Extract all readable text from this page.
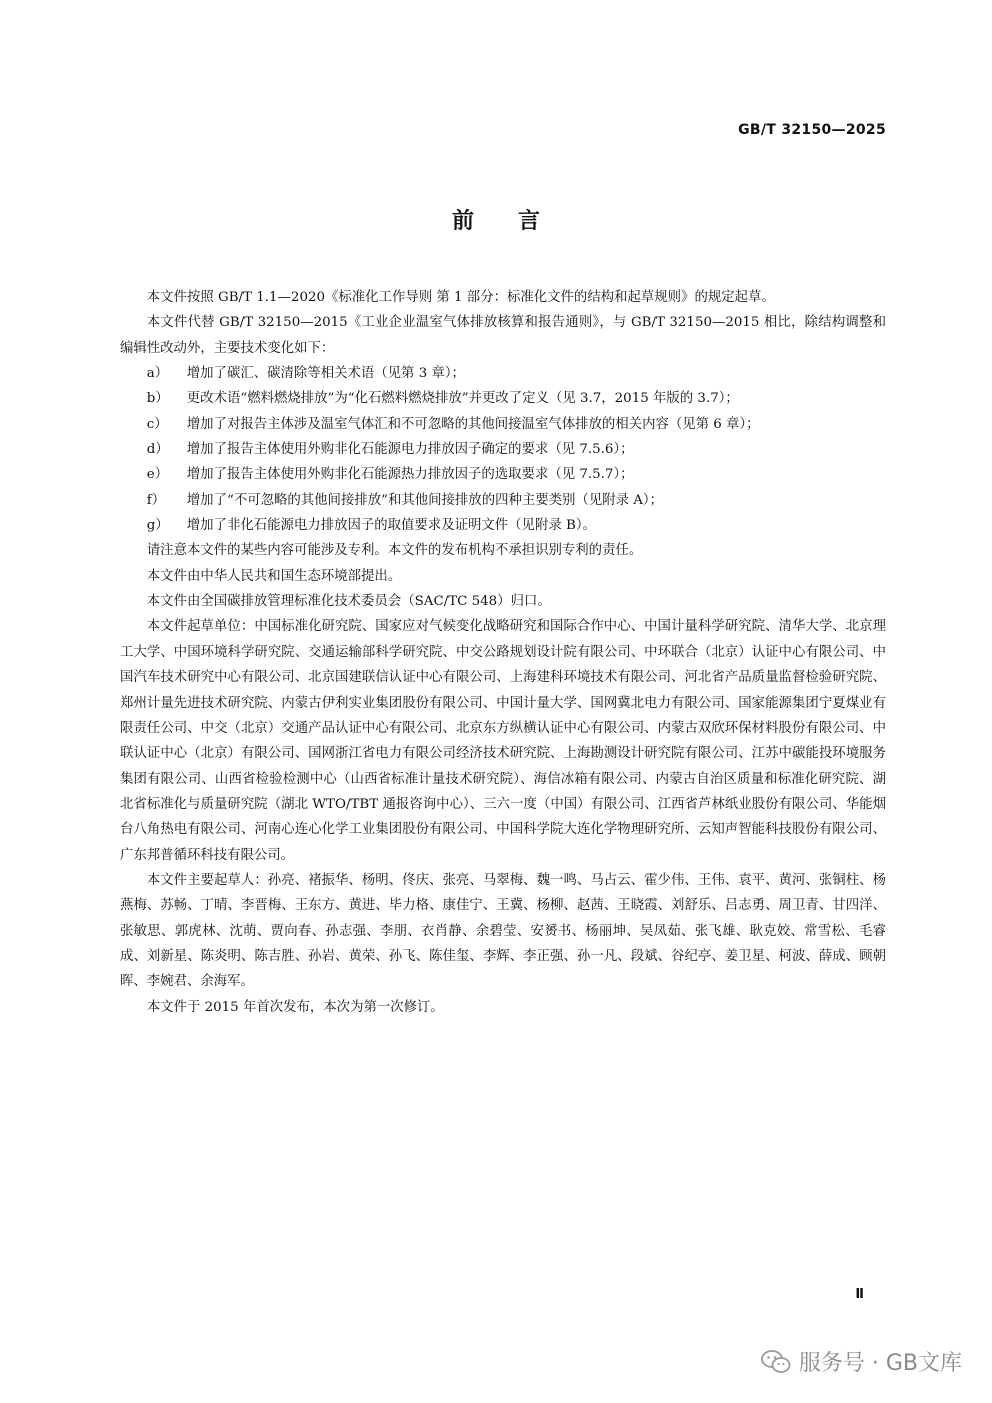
GB/T 32150—2025
前 言

本文件按照 GB/T 1.1—2020《标准化工作导则 第 1 部分：标准化文件的结构和起草规则》的规定起草。

本文件代替 GB/T 32150—2015《工业企业温室气体排放核算和报告通则》，与 GB/T 32150—2015 相比，除结构调整和编辑性改动外，主要技术变化如下：

a） 增加了碳汇、碳清除等相关术语（见第 3 章）；
b） 更改术语“燃料燃烧排放”为“化石燃料燃烧排放”并更改了定义（见 3.7，2015 年版的 3.7）；
c） 增加了对报告主体涉及温室气体汇和不可忽略的其他间接温室气体排放的相关内容（见第 6 章）；
d） 增加了报告主体使用外购非化石能源电力排放因子确定的要求（见 7.5.6）；
e） 增加了报告主体使用外购非化石能源热力排放因子的选取要求（见 7.5.7）；
f） 增加了“不可忽略的其他间接排放”和其他间接排放的四种主要类别（见附录 A）；
g） 增加了非化石能源电力排放因子的取值要求及证明文件（见附录 B）。

请注意本文件的某些内容可能涉及专利。本文件的发布机构不承担识别专利的责任。

本文件由中华人民共和国生态环境部提出。

本文件由全国碳排放管理标准化技术委员会（SAC/TC 548）归口。

本文件起草单位：中国标准化研究院、国家应对气候变化战略研究和国际合作中心、中国计量科学研究院、清华大学、北京理工大学、中国环境科学研究院、交通运输部科学研究院、中交公路规划设计院有限公司、中环联合（北京）认证中心有限公司、中国汽车技术研究中心有限公司、北京国建联信认证中心有限公司、上海建科环境技术有限公司、河北省产品质量监督检验研究院、郑州计量先进技术研究院、内蒙古伊利实业集团股份有限公司、中国计量大学、国网冀北电力有限公司、国家能源集团宁夏煤业有限责任公司、中交（北京）交通产品认证中心有限公司、北京东方纵横认证中心有限公司、内蒙古双欣环保材料股份有限公司、中联认证中心（北京）有限公司、国网浙江省电力有限公司经济技术研究院、上海勘测设计研究院有限公司、江苏中碳能投环境服务集团有限公司、山西省检验检测中心（山西省标准计量技术研究院）、海信冰箱有限公司、内蒙古自治区质量和标准化研究院、湖北省标准化与质量研究院（湖北 WTO/TBT 通报咨询中心）、三六一度（中国）有限公司、江西省芦林纸业股份有限公司、华能烟台八角热电有限公司、河南心连心化学工业集团股份有限公司、中国科学院大连化学物理研究所、云知声智能科技股份有限公司、广东邦普循环科技有限公司。

本文件主要起草人：孙亮、褚振华、杨明、佟庆、张亮、马翠梅、魏一鸣、马占云、霍少伟、王伟、袁平、黄河、张铜柱、杨燕梅、苏畅、丁晴、李晋梅、王东方、黄进、毕力格、康佳宁、王冀、杨柳、赵茜、王晓霞、刘舒乐、吕志勇、周卫青、甘四洋、张敏思、郭虎林、沈萌、贾向春、孙志强、李朋、衣肖静、余碧莹、安赟书、杨丽坤、吴凤茹、张飞雄、耿克姣、常雪松、毛睿成、刘新星、陈炎明、陈吉胜、孙岩、黄荣、孙飞、陈佳玺、李辉、李正强、孙一凡、段斌、谷纪亭、姜卫星、柯波、薛成、顾朝晖、李婉君、余海军。

本文件于 2015 年首次发布，本次为第一次修订。

Ⅱ
服务号 · GB文库
